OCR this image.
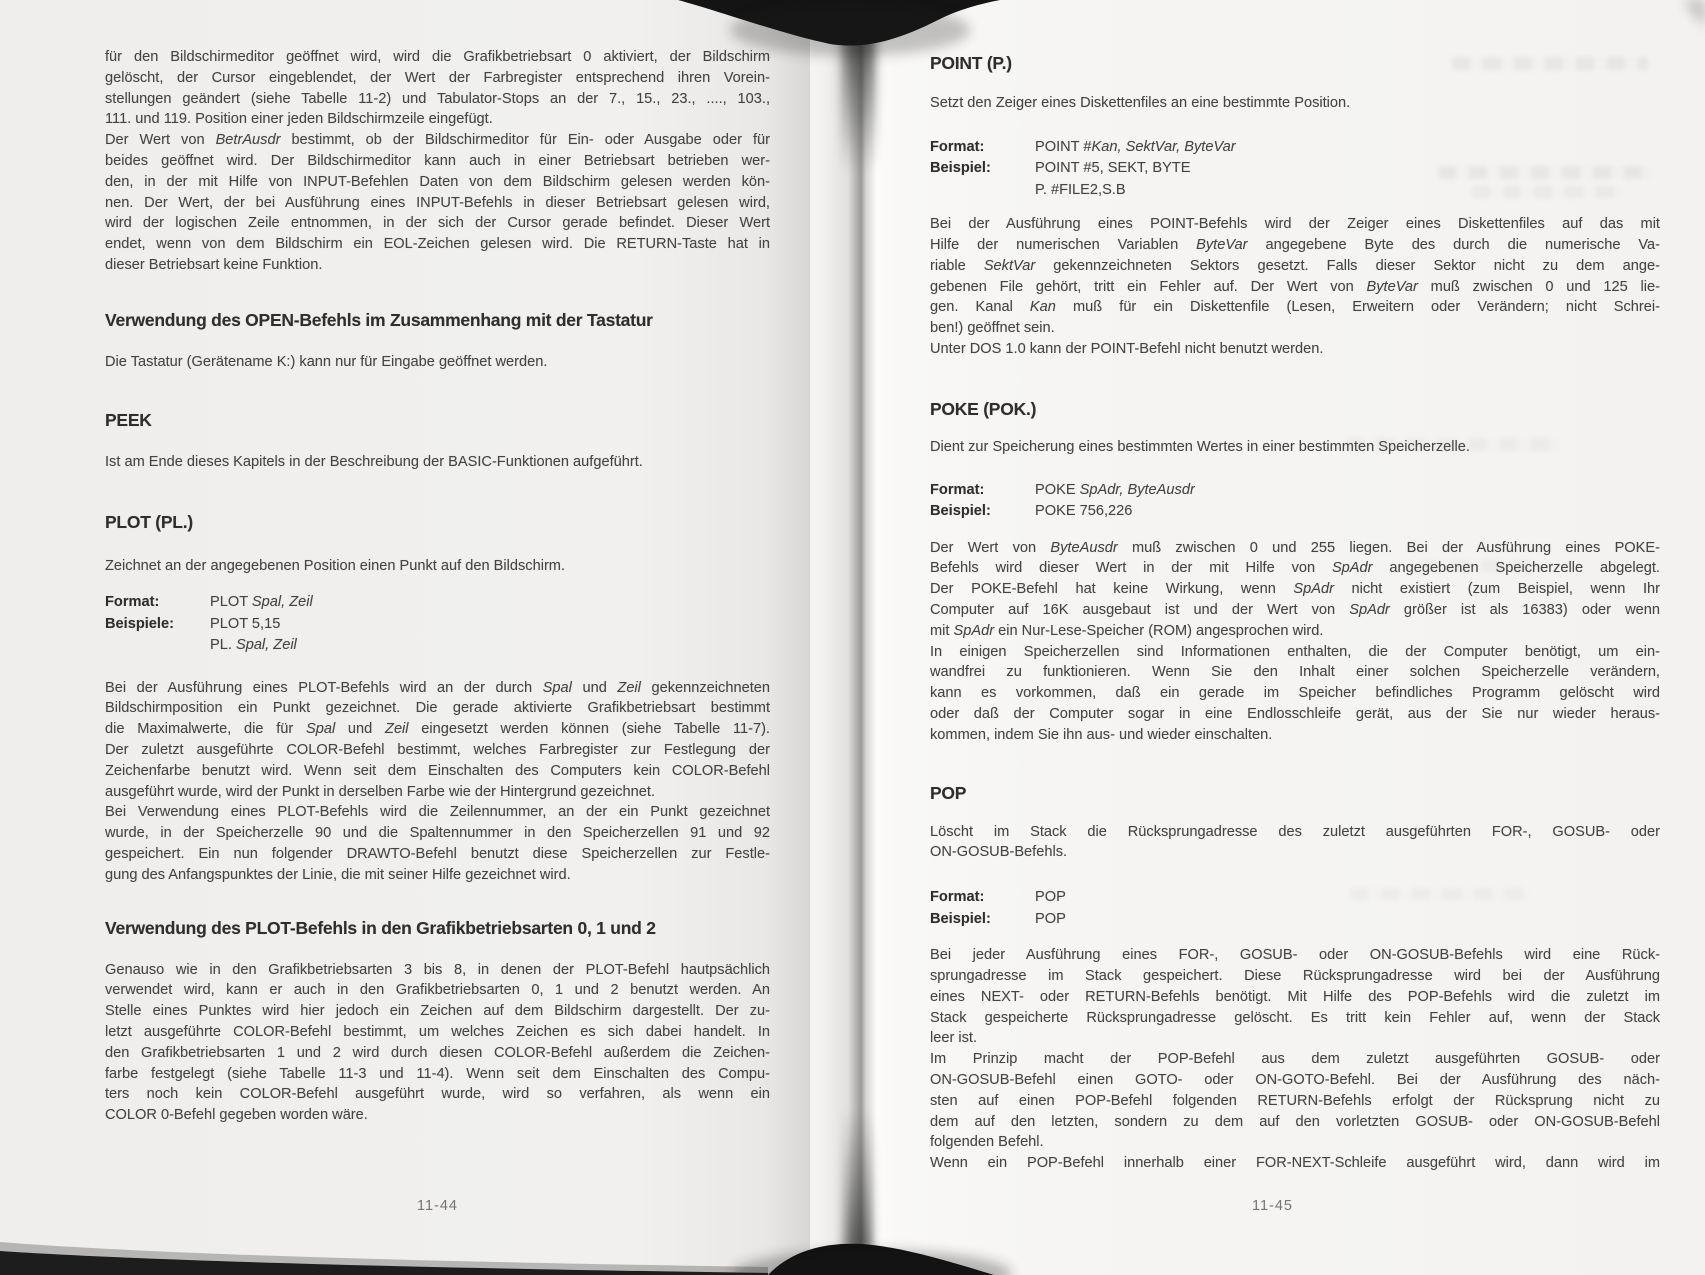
für den Bildschirmeditor geöffnet wird, wird die Grafikbetriebsart 0 aktiviert, der Bildschirm
gelöscht, der Cursor eingeblendet, der Wert der Farbregister entsprechend ihren Vorein-
stellungen geändert (siehe Tabelle 11-2) und Tabulator-Stops an der 7., 15., 23., ...., 103.,
111. und 119. Position einer jeden Bildschirmzeile eingefügt.
Der Wert von BetrAusdr bestimmt, ob der Bildschirmeditor für Ein- oder Ausgabe oder für
beides geöffnet wird. Der Bildschirmeditor kann auch in einer Betriebsart betrieben wer-
den, in der mit Hilfe von INPUT-Befehlen Daten von dem Bildschirm gelesen werden kön-
nen. Der Wert, der bei Ausführung eines INPUT-Befehls in dieser Betriebsart gelesen wird,
wird der logischen Zeile entnommen, in der sich der Cursor gerade befindet. Dieser Wert
endet, wenn von dem Bildschirm ein EOL-Zeichen gelesen wird. Die RETURN-Taste hat in
dieser Betriebsart keine Funktion.
Verwendung des OPEN-Befehls im Zusammenhang mit der Tastatur
Die Tastatur (Gerätename K:) kann nur für Eingabe geöffnet werden.
PEEK
Ist am Ende dieses Kapitels in der Beschreibung der BASIC-Funktionen aufgeführt.
PLOT (PL.)
Zeichnet an der angegebenen Position einen Punkt auf den Bildschirm.
Format:	PLOT Spal, Zeil
Beispiele:	PLOT 5,15
PL. Spal, Zeil
Bei der Ausführung eines PLOT-Befehls wird an der durch Spal und Zeil gekennzeichneten
Bildschirmposition ein Punkt gezeichnet. Die gerade aktivierte Grafikbetriebsart bestimmt
die Maximalwerte, die für Spal und Zeil eingesetzt werden können (siehe Tabelle 11-7).
Der zuletzt ausgeführte COLOR-Befehl bestimmt, welches Farbregister zur Festlegung der
Zeichenfarbe benutzt wird. Wenn seit dem Einschalten des Computers kein COLOR-Befehl
ausgeführt wurde, wird der Punkt in derselben Farbe wie der Hintergrund gezeichnet.
Bei Verwendung eines PLOT-Befehls wird die Zeilennummer, an der ein Punkt gezeichnet
wurde, in der Speicherzelle 90 und die Spaltennummer in den Speicherzellen 91 und 92
gespeichert. Ein nun folgender DRAWTO-Befehl benutzt diese Speicherzellen zur Festle-
gung des Anfangspunktes der Linie, die mit seiner Hilfe gezeichnet wird.
Verwendung des PLOT-Befehls in den Grafikbetriebsarten 0, 1 und 2
Genauso wie in den Grafikbetriebsarten 3 bis 8, in denen der PLOT-Befehl hautpsächlich
verwendet wird, kann er auch in den Grafikbetriebsarten 0, 1 und 2 benutzt werden. An
Stelle eines Punktes wird hier jedoch ein Zeichen auf dem Bildschirm dargestellt. Der zu-
letzt ausgeführte COLOR-Befehl bestimmt, um welches Zeichen es sich dabei handelt. In
den Grafikbetriebsarten 1 und 2 wird durch diesen COLOR-Befehl außerdem die Zeichen-
farbe festgelegt (siehe Tabelle 11-3 und 11-4). Wenn seit dem Einschalten des Compu-
ters noch kein COLOR-Befehl ausgeführt wurde, wird so verfahren, als wenn ein
COLOR 0-Befehl gegeben worden wäre.
POINT (P.)
Setzt den Zeiger eines Diskettenfiles an eine bestimmte Position.
Format:	POINT #Kan, SektVar, ByteVar
Beispiel:	POINT #5, SEKT, BYTE
P. #FILE2,S.B
Bei der Ausführung eines POINT-Befehls wird der Zeiger eines Diskettenfiles auf das mit
Hilfe der numerischen Variablen ByteVar angegebene Byte des durch die numerische Va-
riable SektVar gekennzeichneten Sektors gesetzt. Falls dieser Sektor nicht zu dem ange-
gebenen File gehört, tritt ein Fehler auf. Der Wert von ByteVar muß zwischen 0 und 125 lie-
gen. Kanal Kan muß für ein Diskettenfile (Lesen, Erweitern oder Verändern; nicht Schrei-
ben!) geöffnet sein.
Unter DOS 1.0 kann der POINT-Befehl nicht benutzt werden.
POKE (POK.)
Dient zur Speicherung eines bestimmten Wertes in einer bestimmten Speicherzelle.
Format:	POKE SpAdr, ByteAusdr
Beispiel:	POKE 756,226
Der Wert von ByteAusdr muß zwischen 0 und 255 liegen. Bei der Ausführung eines POKE-
Befehls wird dieser Wert in der mit Hilfe von SpAdr angegebenen Speicherzelle abgelegt.
Der POKE-Befehl hat keine Wirkung, wenn SpAdr nicht existiert (zum Beispiel, wenn Ihr
Computer auf 16K ausgebaut ist und der Wert von SpAdr größer ist als 16383) oder wenn
mit SpAdr ein Nur-Lese-Speicher (ROM) angesprochen wird.
In einigen Speicherzellen sind Informationen enthalten, die der Computer benötigt, um ein-
wandfrei zu funktionieren. Wenn Sie den Inhalt einer solchen Speicherzelle verändern,
kann es vorkommen, daß ein gerade im Speicher befindliches Programm gelöscht wird
oder daß der Computer sogar in eine Endlosschleife gerät, aus der Sie nur wieder heraus-
kommen, indem Sie ihn aus- und wieder einschalten.
POP
Löscht im Stack die Rücksprungadresse des zuletzt ausgeführten FOR-, GOSUB- oder
ON-GOSUB-Befehls.
Format:	POP
Beispiel:	POP
Bei jeder Ausführung eines FOR-, GOSUB- oder ON-GOSUB-Befehls wird eine Rück-
sprungadresse im Stack gespeichert. Diese Rücksprungadresse wird bei der Ausführung
eines NEXT- oder RETURN-Befehls benötigt. Mit Hilfe des POP-Befehls wird die zuletzt im
Stack gespeicherte Rücksprungadresse gelöscht. Es tritt kein Fehler auf, wenn der Stack
leer ist.
Im Prinzip macht der POP-Befehl aus dem zuletzt ausgeführten GOSUB- oder
ON-GOSUB-Befehl einen GOTO- oder ON-GOTO-Befehl. Bei der Ausführung des näch-
sten auf einen POP-Befehl folgenden RETURN-Befehls erfolgt der Rücksprung nicht zu
dem auf den letzten, sondern zu dem auf den vorletzten GOSUB- oder ON-GOSUB-Befehl
folgenden Befehl.
Wenn ein POP-Befehl innerhalb einer FOR-NEXT-Schleife ausgeführt wird, dann wird im
11-44	11-45
